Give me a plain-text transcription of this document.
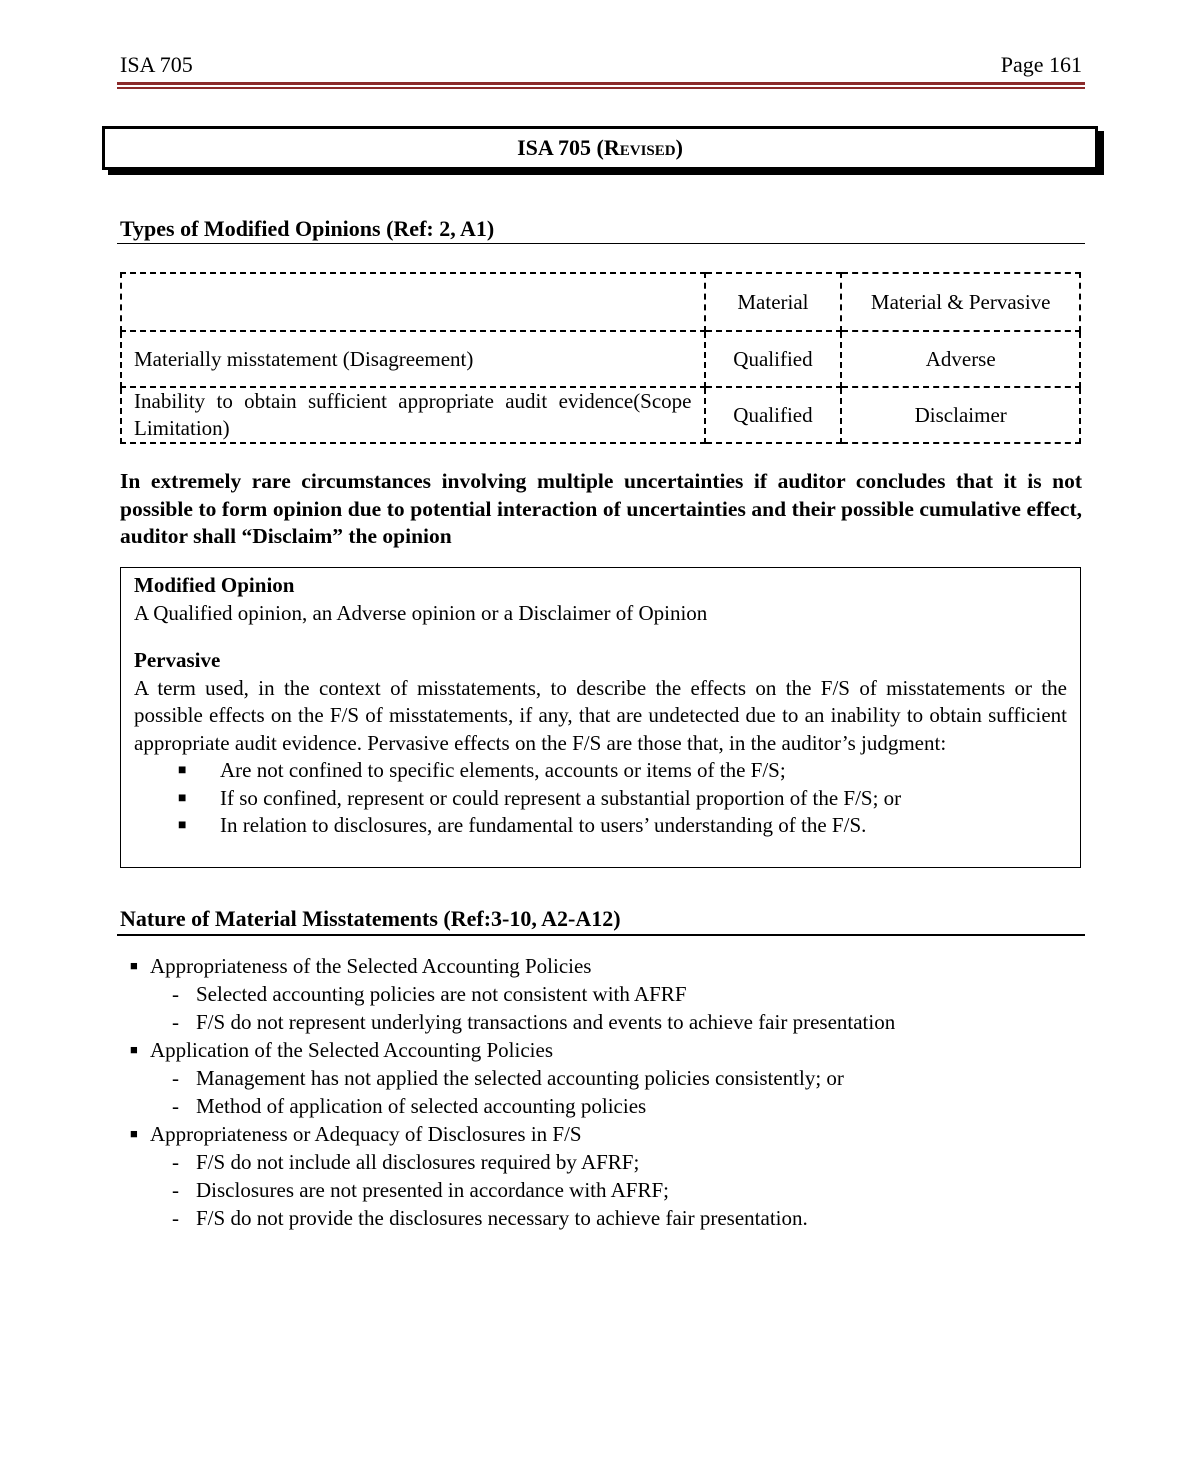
ISA 705	Page 161
ISA 705 (Revised)
Types of Modified Opinions (Ref: 2, A1)
	Material	Material & Pervasive
Materially misstatement (Disagreement)	Qualified	Adverse
Inability to obtain sufficient appropriate audit evidence(Scope Limitation)	Qualified	Disclaimer
In extremely rare circumstances involving multiple uncertainties if auditor concludes that it is not possible to form opinion due to potential interaction of uncertainties and their possible cumulative effect, auditor shall “Disclaim” the opinion
Modified Opinion
A Qualified opinion, an Adverse opinion or a Disclaimer of Opinion
Pervasive
A term used, in the context of misstatements, to describe the effects on the F/S of misstatements or the possible effects on the F/S of misstatements, if any, that are undetected due to an inability to obtain sufficient appropriate audit evidence. Pervasive effects on the F/S are those that, in the auditor’s judgment:
■ Are not confined to specific elements, accounts or items of the F/S;
■ If so confined, represent or could represent a substantial proportion of the F/S; or
■ In relation to disclosures, are fundamental to users’ understanding of the F/S.
Nature of Material Misstatements (Ref:3-10, A2-A12)
■ Appropriateness of the Selected Accounting Policies
- Selected accounting policies are not consistent with AFRF
- F/S do not represent underlying transactions and events to achieve fair presentation
■ Application of the Selected Accounting Policies
- Management has not applied the selected accounting policies consistently; or
- Method of application of selected accounting policies
■ Appropriateness or Adequacy of Disclosures in F/S
- F/S do not include all disclosures required by AFRF;
- Disclosures are not presented in accordance with AFRF;
- F/S do not provide the disclosures necessary to achieve fair presentation.
